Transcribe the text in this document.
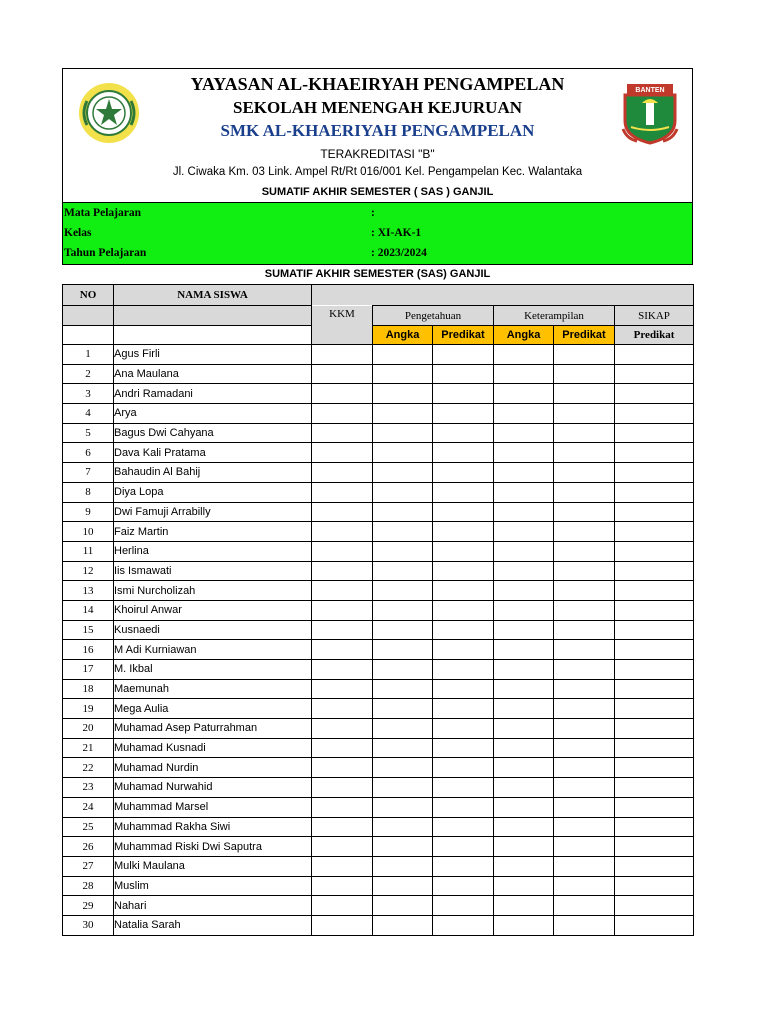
YAYASAN AL-KHAEIRYAH PENGAMPELAN
SEKOLAH MENENGAH KEJURUAN
SMK AL-KHAERIYAH PENGAMPELAN
TERAKREDITASI "B"
Jl. Ciwaka Km. 03 Link. Ampel Rt/Rt 016/001 Kel. Pengampelan Kec. Walantaka
BANTEN
SUMATIF AKHIR SEMESTER ( SAS ) GANJIL
Mata Pelajaran	:
Kelas	: XI-AK-1
Tahun Pelajaran	: 2023/2024
SUMATIF AKHIR SEMESTER (SAS) GANJIL
NO	NAMA SISWA						
		KKM	Pengetahuan		Keterampilan		SIKAP
			Angka	Predikat	Angka	Predikat	Predikat
1	Agus Firli						
2	Ana Maulana						
3	Andri Ramadani						
4	Arya						
5	Bagus Dwi Cahyana						
6	Dava Kali Pratama						
7	Bahaudin Al Bahij						
8	Diya Lopa						
9	Dwi Famuji Arrabilly						
10	Faiz Martin						
11	Herlina						
12	Iis Ismawati						
13	Ismi Nurcholizah						
14	Khoirul Anwar						
15	Kusnaedi						
16	M Adi Kurniawan						
17	M. Ikbal						
18	Maemunah						
19	Mega Aulia						
20	Muhamad Asep Paturrahman						
21	Muhamad Kusnadi						
22	Muhamad Nurdin						
23	Muhamad Nurwahid						
24	Muhammad Marsel						
25	Muhammad Rakha Siwi						
26	Muhammad Riski Dwi Saputra						
27	Mulki Maulana						
28	Muslim						
29	Nahari						
30	Natalia Sarah						
